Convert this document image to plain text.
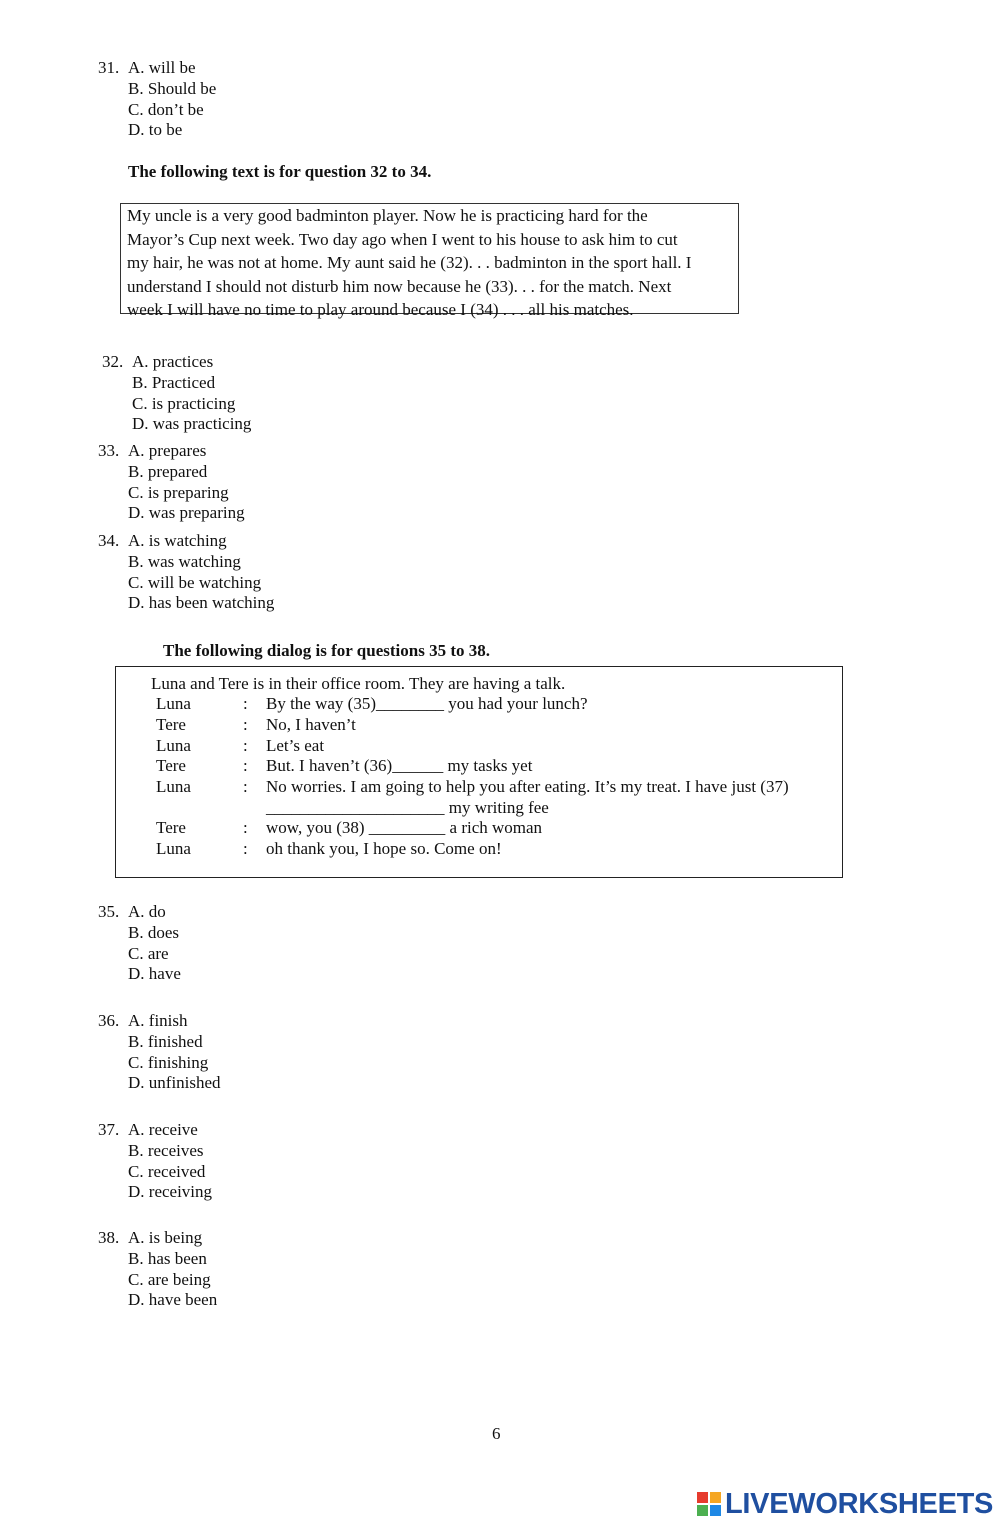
31. A. will be
B. Should be
C. don’t be
D. to be
The following text is for question 32 to 34.
My uncle is a very good badminton player. Now he is practicing hard for the
Mayor’s Cup next week. Two day ago when I went to his house to ask him to cut
my hair, he was not at home. My aunt said he (32). . . badminton in the sport hall. I
understand I should not disturb him now because he (33). . . for the match. Next
week I will have no time to play around because I (34) . . . all his matches.
32. A. practices
B. Practiced
C. is practicing
D. was practicing
33. A. prepares
B. prepared
C. is preparing
D. was preparing
34. A. is watching
B. was watching
C. will be watching
D. has been watching
The following dialog is for questions 35 to 38.
Luna and Tere is in their office room. They are having a talk.
Luna	: By the way (35)________ you had your lunch?
Tere	: No, I haven’t
Luna	: Let’s eat
Tere	: But. I haven’t (36)______ my tasks yet
Luna	: No worries. I am going to help you after eating. It’s my treat. I have just (37)
_____________________ my writing fee
Tere	: wow, you (38) _________ a rich woman
Luna	: oh thank you, I hope so. Come on!
35. A. do
B. does
C. are
D. have
36. A. finish
B. finished
C. finishing
D. unfinished
37. A. receive
B. receives
C. received
D. receiving
38. A. is being
B. has been
C. are being
D. have been
6
LIVEWORKSHEETS
